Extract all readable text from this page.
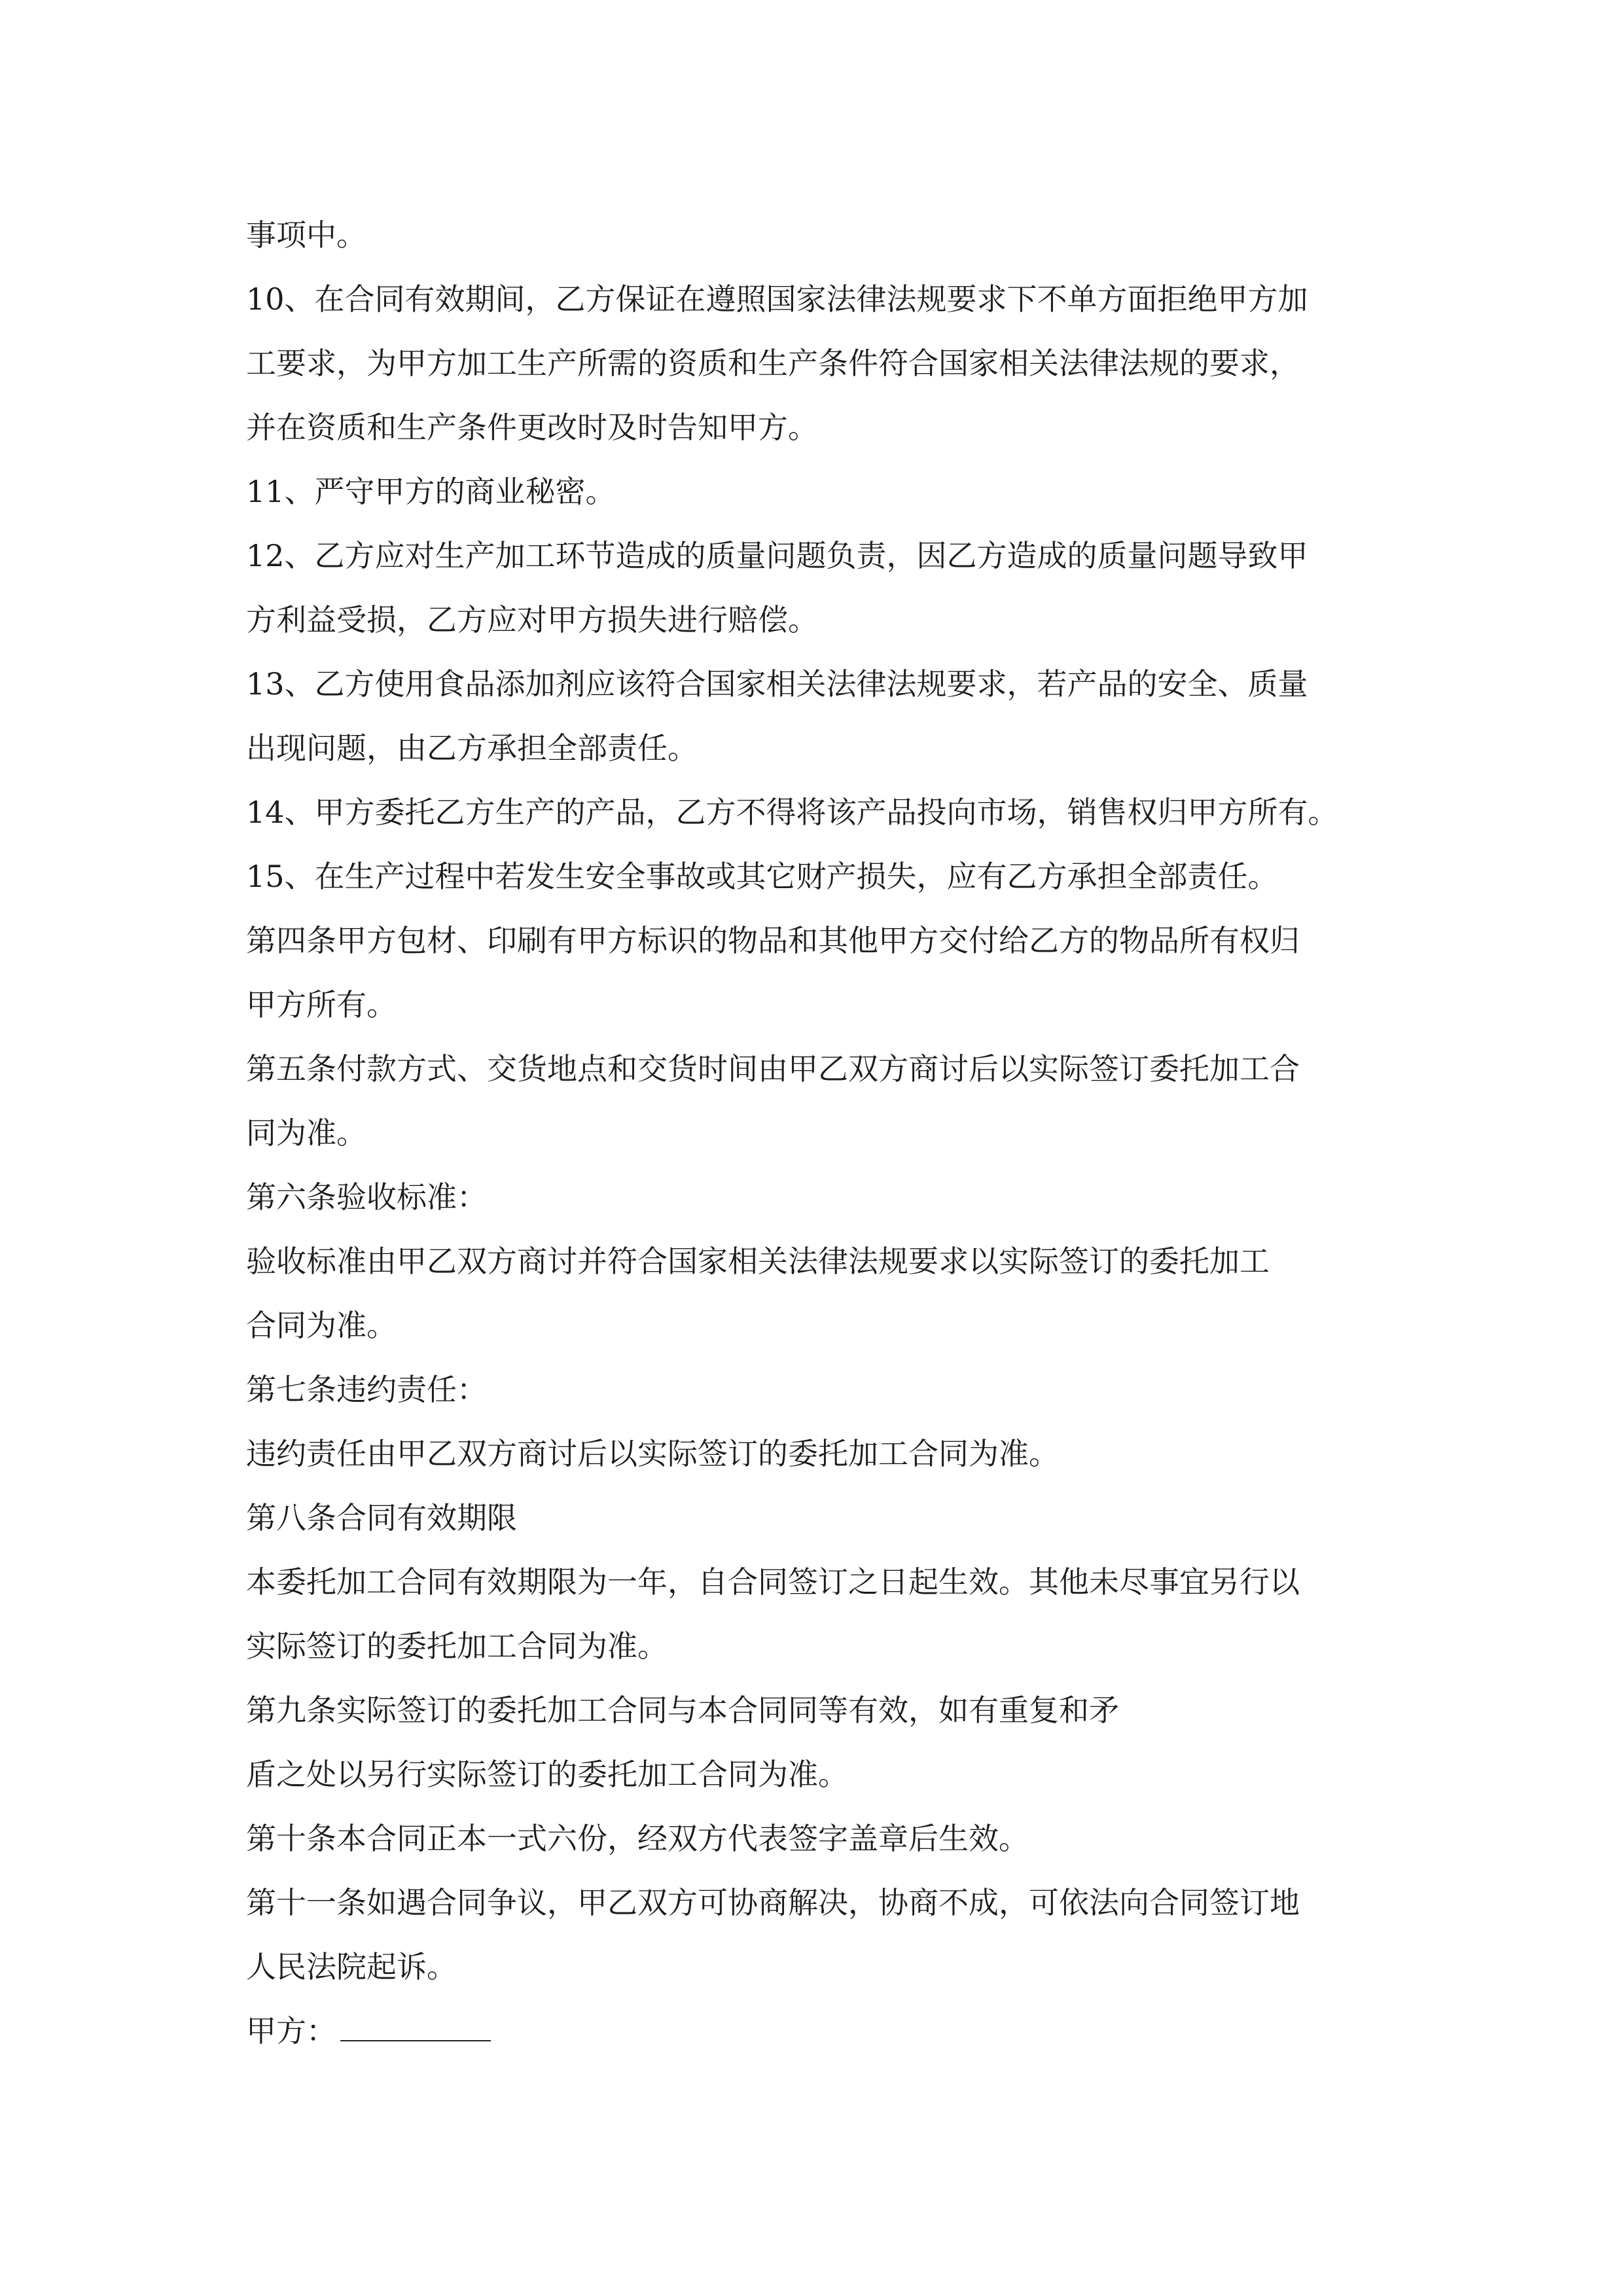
事项中。
10、在合同有效期间，乙方保证在遵照国家法律法规要求下不单方面拒绝甲方加
工要求，为甲方加工生产所需的资质和生产条件符合国家相关法律法规的要求，
并在资质和生产条件更改时及时告知甲方。
11、严守甲方的商业秘密。
12、乙方应对生产加工环节造成的质量问题负责，因乙方造成的质量问题导致甲
方利益受损，乙方应对甲方损失进行赔偿。
13、乙方使用食品添加剂应该符合国家相关法律法规要求，若产品的安全、质量
出现问题，由乙方承担全部责任。
14、甲方委托乙方生产的产品，乙方不得将该产品投向市场，销售权归甲方所有。
15、在生产过程中若发生安全事故或其它财产损失，应有乙方承担全部责任。
第四条甲方包材、印刷有甲方标识的物品和其他甲方交付给乙方的物品所有权归
甲方所有。
第五条付款方式、交货地点和交货时间由甲乙双方商讨后以实际签订委托加工合
同为准。
第六条验收标准：
验收标准由甲乙双方商讨并符合国家相关法律法规要求以实际签订的委托加工
合同为准。
第七条违约责任：
违约责任由甲乙双方商讨后以实际签订的委托加工合同为准。
第八条合同有效期限
本委托加工合同有效期限为一年，自合同签订之日起生效。其他未尽事宜另行以
实际签订的委托加工合同为准。
第九条实际签订的委托加工合同与本合同同等有效，如有重复和矛
盾之处以另行实际签订的委托加工合同为准。
第十条本合同正本一式六份，经双方代表签字盖章后生效。
第十一条如遇合同争议，甲乙双方可协商解决，协商不成，可依法向合同签订地
人民法院起诉。
甲方：
